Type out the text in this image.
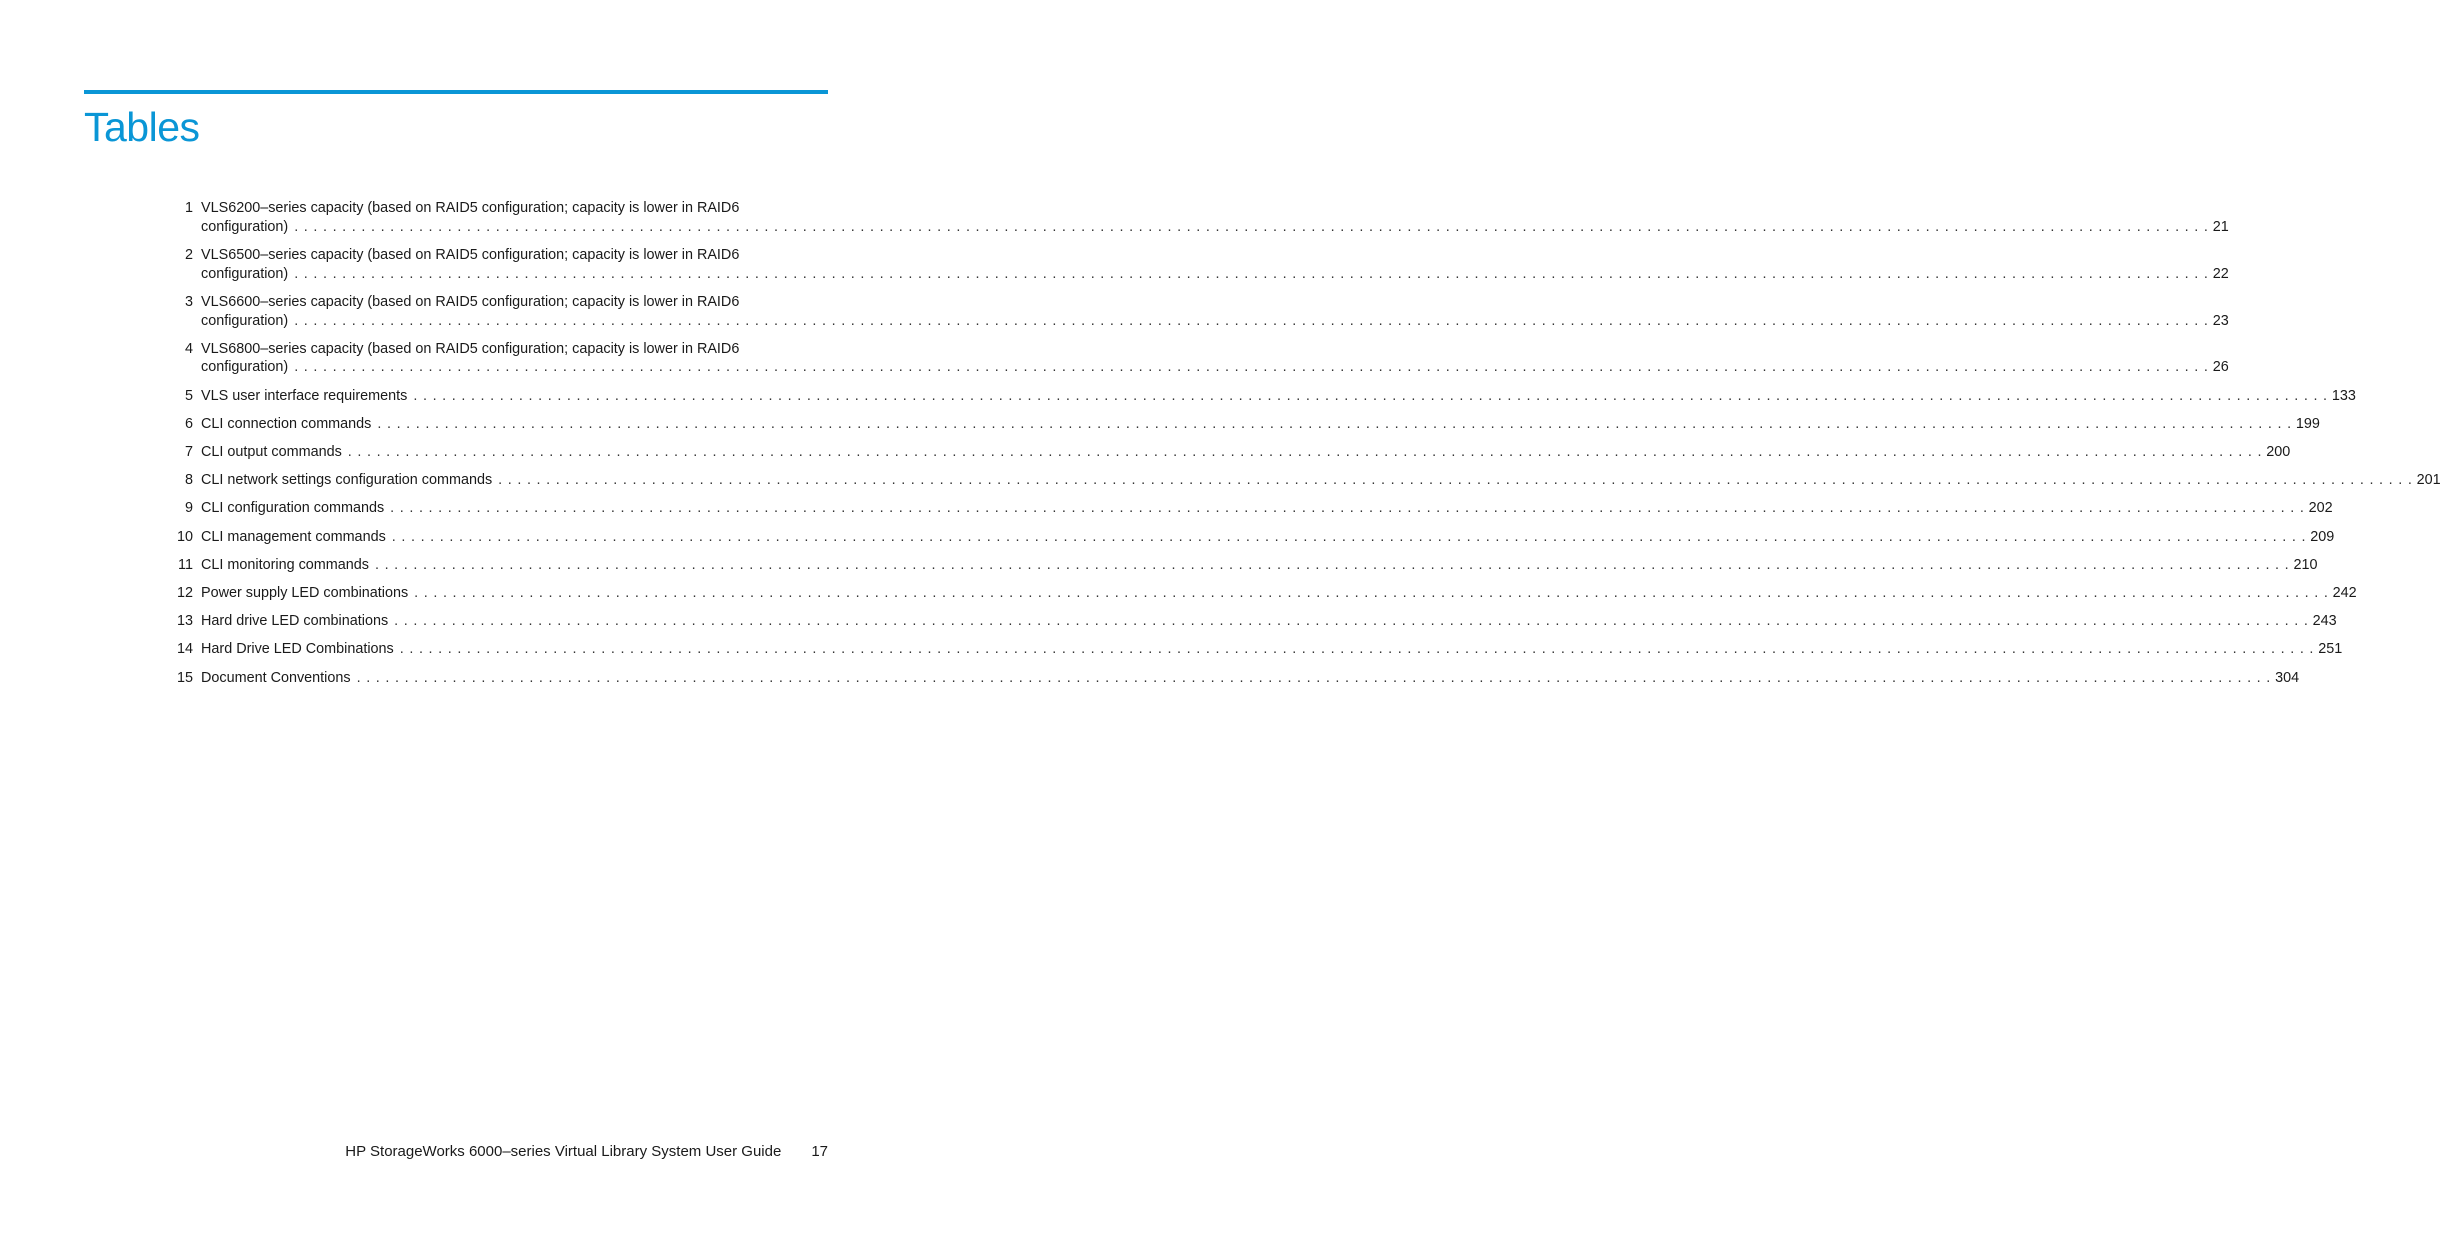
Tables
1 VLS6200–series capacity (based on RAID5 configuration; capacity is lower in RAID6
configuration) . . . . . . . . . . . . . . . . . . . . . . . . . . . . . . . . . . . . . . . . . . . . . . . . . . . . . . . . . . . . . . . . . . . . . . . . . . . . . . . . . . . . . . . . . . . . . . . . . . . . . . . . . . . . . . . . . . . . . . . . . . . . . . . . . . . . . . . . . . . . . . . . . . . . . . . . . . . . . . . . . . . . . . . . . . . . . . . . . . . . . . . . . . . . . . . . . . . . . . . . 21
2 VLS6500–series capacity (based on RAID5 configuration; capacity is lower in RAID6
configuration) . . . . . . . . . . . . . . . . . . . . . . . . . . . . . . . . . . . . . . . . . . . . . . . . . . . . . . . . . . . . . . . . . . . . . . . . . . . . . . . . . . . . . . . . . . . . . . . . . . . . . . . . . . . . . . . . . . . . . . . . . . . . . . . . . . . . . . . . . . . . . . . . . . . . . . . . . . . . . . . . . . . . . . . . . . . . . . . . . . . . . . . . . . . . . . . . . . . . . . . . 22
3 VLS6600–series capacity (based on RAID5 configuration; capacity is lower in RAID6
configuration) . . . . . . . . . . . . . . . . . . . . . . . . . . . . . . . . . . . . . . . . . . . . . . . . . . . . . . . . . . . . . . . . . . . . . . . . . . . . . . . . . . . . . . . . . . . . . . . . . . . . . . . . . . . . . . . . . . . . . . . . . . . . . . . . . . . . . . . . . . . . . . . . . . . . . . . . . . . . . . . . . . . . . . . . . . . . . . . . . . . . . . . . . . . . . . . . . . . . . . . . 23
4 VLS6800–series capacity (based on RAID5 configuration; capacity is lower in RAID6
configuration) . . . . . . . . . . . . . . . . . . . . . . . . . . . . . . . . . . . . . . . . . . . . . . . . . . . . . . . . . . . . . . . . . . . . . . . . . . . . . . . . . . . . . . . . . . . . . . . . . . . . . . . . . . . . . . . . . . . . . . . . . . . . . . . . . . . . . . . . . . . . . . . . . . . . . . . . . . . . . . . . . . . . . . . . . . . . . . . . . . . . . . . . . . . . . . . . . . . . . . . . 26
5 VLS user interface requirements . . . . . . . . . . . . . . . . . . . . . . . . . . . . . . . . . . . . . . . . . . . . . . . . . . . . . . . . . . . . . . . . . . . . . . . . . . . . . . . . . . . . . . . . . . . . . . . . . . . . . . . . . . . . . . . . . . . . . . . . . . . . . . . . . . . . . . . . . . . . . . . . . . . . . . . . . . . . . . . . . . . . . . . . . . . . . . . . . . . . . . . . . . . . . . . . . . . . . . . . 133
6 CLI connection commands . . . . . . . . . . . . . . . . . . . . . . . . . . . . . . . . . . . . . . . . . . . . . . . . . . . . . . . . . . . . . . . . . . . . . . . . . . . . . . . . . . . . . . . . . . . . . . . . . . . . . . . . . . . . . . . . . . . . . . . . . . . . . . . . . . . . . . . . . . . . . . . . . . . . . . . . . . . . . . . . . . . . . . . . . . . . . . . . . . . . . . . . . . . . . . . . . . . . . . . . 199
7 CLI output commands . . . . . . . . . . . . . . . . . . . . . . . . . . . . . . . . . . . . . . . . . . . . . . . . . . . . . . . . . . . . . . . . . . . . . . . . . . . . . . . . . . . . . . . . . . . . . . . . . . . . . . . . . . . . . . . . . . . . . . . . . . . . . . . . . . . . . . . . . . . . . . . . . . . . . . . . . . . . . . . . . . . . . . . . . . . . . . . . . . . . . . . . . . . . . . . . . . . . . . . . 200
8 CLI network settings configuration commands . . . . . . . . . . . . . . . . . . . . . . . . . . . . . . . . . . . . . . . . . . . . . . . . . . . . . . . . . . . . . . . . . . . . . . . . . . . . . . . . . . . . . . . . . . . . . . . . . . . . . . . . . . . . . . . . . . . . . . . . . . . . . . . . . . . . . . . . . . . . . . . . . . . . . . . . . . . . . . . . . . . . . . . . . . . . . . . . . . . . . . . . . . . . . . . . . . . . . . . . 201
9 CLI configuration commands . . . . . . . . . . . . . . . . . . . . . . . . . . . . . . . . . . . . . . . . . . . . . . . . . . . . . . . . . . . . . . . . . . . . . . . . . . . . . . . . . . . . . . . . . . . . . . . . . . . . . . . . . . . . . . . . . . . . . . . . . . . . . . . . . . . . . . . . . . . . . . . . . . . . . . . . . . . . . . . . . . . . . . . . . . . . . . . . . . . . . . . . . . . . . . . . . . . . . . . . 202
10 CLI management commands . . . . . . . . . . . . . . . . . . . . . . . . . . . . . . . . . . . . . . . . . . . . . . . . . . . . . . . . . . . . . . . . . . . . . . . . . . . . . . . . . . . . . . . . . . . . . . . . . . . . . . . . . . . . . . . . . . . . . . . . . . . . . . . . . . . . . . . . . . . . . . . . . . . . . . . . . . . . . . . . . . . . . . . . . . . . . . . . . . . . . . . . . . . . . . . . . . . . . . . . 209
11 CLI monitoring commands . . . . . . . . . . . . . . . . . . . . . . . . . . . . . . . . . . . . . . . . . . . . . . . . . . . . . . . . . . . . . . . . . . . . . . . . . . . . . . . . . . . . . . . . . . . . . . . . . . . . . . . . . . . . . . . . . . . . . . . . . . . . . . . . . . . . . . . . . . . . . . . . . . . . . . . . . . . . . . . . . . . . . . . . . . . . . . . . . . . . . . . . . . . . . . . . . . . . . . . . 210
12 Power supply LED combinations . . . . . . . . . . . . . . . . . . . . . . . . . . . . . . . . . . . . . . . . . . . . . . . . . . . . . . . . . . . . . . . . . . . . . . . . . . . . . . . . . . . . . . . . . . . . . . . . . . . . . . . . . . . . . . . . . . . . . . . . . . . . . . . . . . . . . . . . . . . . . . . . . . . . . . . . . . . . . . . . . . . . . . . . . . . . . . . . . . . . . . . . . . . . . . . . . . . . . . . . 242
13 Hard drive LED combinations . . . . . . . . . . . . . . . . . . . . . . . . . . . . . . . . . . . . . . . . . . . . . . . . . . . . . . . . . . . . . . . . . . . . . . . . . . . . . . . . . . . . . . . . . . . . . . . . . . . . . . . . . . . . . . . . . . . . . . . . . . . . . . . . . . . . . . . . . . . . . . . . . . . . . . . . . . . . . . . . . . . . . . . . . . . . . . . . . . . . . . . . . . . . . . . . . . . . . . . . 243
14 Hard Drive LED Combinations . . . . . . . . . . . . . . . . . . . . . . . . . . . . . . . . . . . . . . . . . . . . . . . . . . . . . . . . . . . . . . . . . . . . . . . . . . . . . . . . . . . . . . . . . . . . . . . . . . . . . . . . . . . . . . . . . . . . . . . . . . . . . . . . . . . . . . . . . . . . . . . . . . . . . . . . . . . . . . . . . . . . . . . . . . . . . . . . . . . . . . . . . . . . . . . . . . . . . . . . 251
15 Document Conventions . . . . . . . . . . . . . . . . . . . . . . . . . . . . . . . . . . . . . . . . . . . . . . . . . . . . . . . . . . . . . . . . . . . . . . . . . . . . . . . . . . . . . . . . . . . . . . . . . . . . . . . . . . . . . . . . . . . . . . . . . . . . . . . . . . . . . . . . . . . . . . . . . . . . . . . . . . . . . . . . . . . . . . . . . . . . . . . . . . . . . . . . . . . . . . . . . . . . . . . . 304
HP StorageWorks 6000–series Virtual Library System User Guide 17
